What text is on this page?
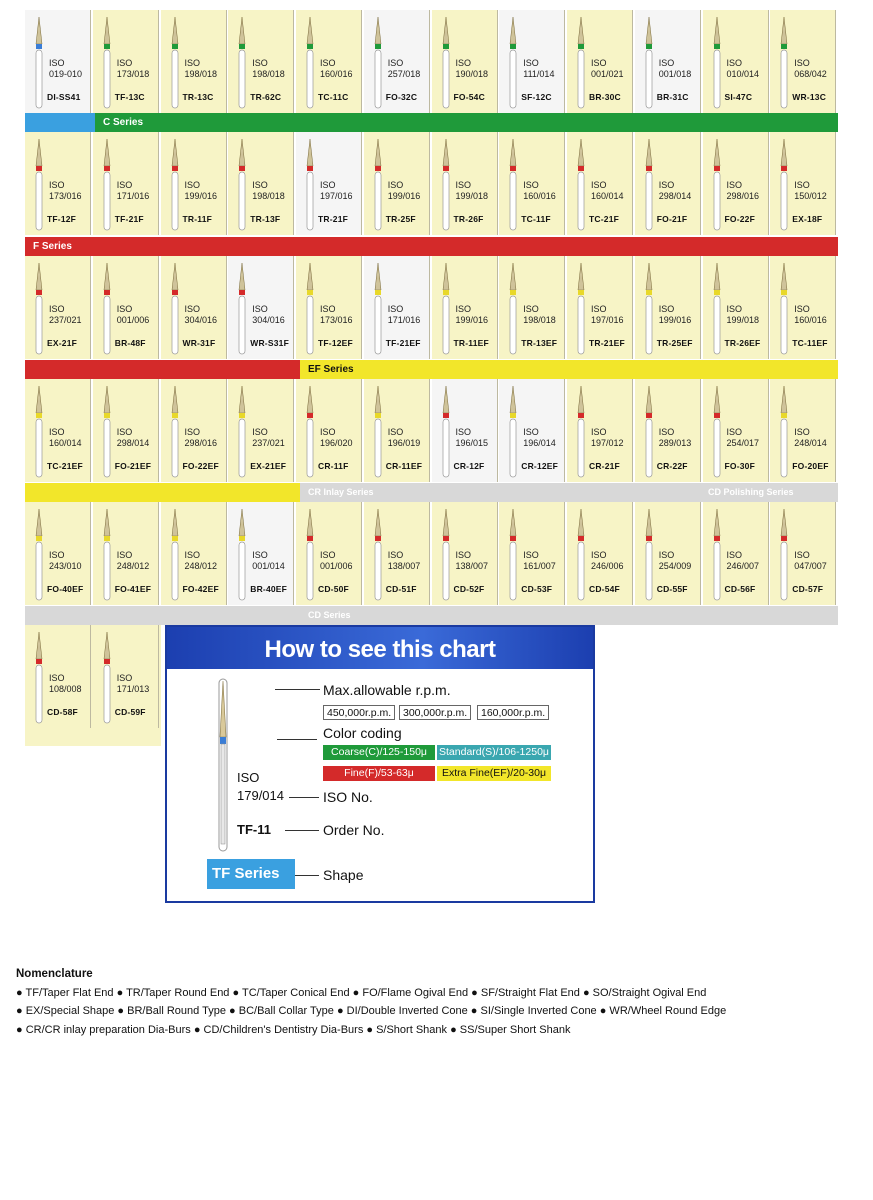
C Series
F Series
EF Series
CR Inlay Series	CD Polishing Series
CD Series
ISO
019-010
DI-SS41
ISO
173/018
TF-13C
ISO
198/018
TR-13C
ISO
198/018
TR-62C
ISO
160/016
TC-11C
ISO
257/018
FO-32C
ISO
190/018
FO-54C
ISO
111/014
SF-12C
ISO
001/021
BR-30C
ISO
001/018
BR-31C
ISO
010/014
SI-47C
ISO
068/042
WR-13C
ISO
173/016
TF-12F
ISO
171/016
TF-21F
ISO
199/016
TR-11F
ISO
198/018
TR-13F
ISO
197/016
TR-21F
ISO
199/016
TR-25F
ISO
199/018
TR-26F
ISO
160/016
TC-11F
ISO
160/014
TC-21F
ISO
298/014
FO-21F
ISO
298/016
FO-22F
ISO
150/012
EX-18F
ISO
237/021
EX-21F
ISO
001/006
BR-48F
ISO
304/016
WR-31F
ISO
304/016
WR-S31F
ISO
173/016
TF-12EF
ISO
171/016
TF-21EF
ISO
199/016
TR-11EF
ISO
198/018
TR-13EF
ISO
197/016
TR-21EF
ISO
199/016
TR-25EF
ISO
199/018
TR-26EF
ISO
160/016
TC-11EF
ISO
160/014
TC-21EF
ISO
298/014
FO-21EF
ISO
298/016
FO-22EF
ISO
237/021
EX-21EF
ISO
196/020
CR-11F
ISO
196/019
CR-11EF
ISO
196/015
CR-12F
ISO
196/014
CR-12EF
ISO
197/012
CR-21F
ISO
289/013
CR-22F
ISO
254/017
FO-30F
ISO
248/014
FO-20EF
ISO
243/010
FO-40EF
ISO
248/012
FO-41EF
ISO
248/012
FO-42EF
ISO
001/014
BR-40EF
ISO
001/006
CD-50F
ISO
138/007
CD-51F
ISO
138/007
CD-52F
ISO
161/007
CD-53F
ISO
246/006
CD-54F
ISO
254/009
CD-55F
ISO
246/007
CD-56F
ISO
047/007
CD-57F
ISO
108/008
CD-58F
ISO
171/013
CD-59F
How to see this chart
ISO
179/014
TF-11
TF Series
Max.allowable r.p.m.
450,000r.p.m.	300,000r.p.m.	160,000r.p.m.
Color coding
Coarse(C)/125-150μ	Standard(S)/106-1250μ
Fine(F)/53-63μ	Extra Fine(EF)/20-30μ
ISO No.
Order No.
Shape
Nomenclature
● TF/Taper Flat End ● TR/Taper Round End ● TC/Taper Conical End ● FO/Flame Ogival End ● SF/Straight Flat End ● SO/Straight Ogival End
● EX/Special Shape ● BR/Ball Round Type ● BC/Ball Collar Type ● DI/Double Inverted Cone ● SI/Single Inverted Cone ● WR/Wheel Round Edge
● CR/CR inlay preparation Dia-Burs ● CD/Children's Dentistry Dia-Burs ● S/Short Shank ● SS/Super Short Shank
